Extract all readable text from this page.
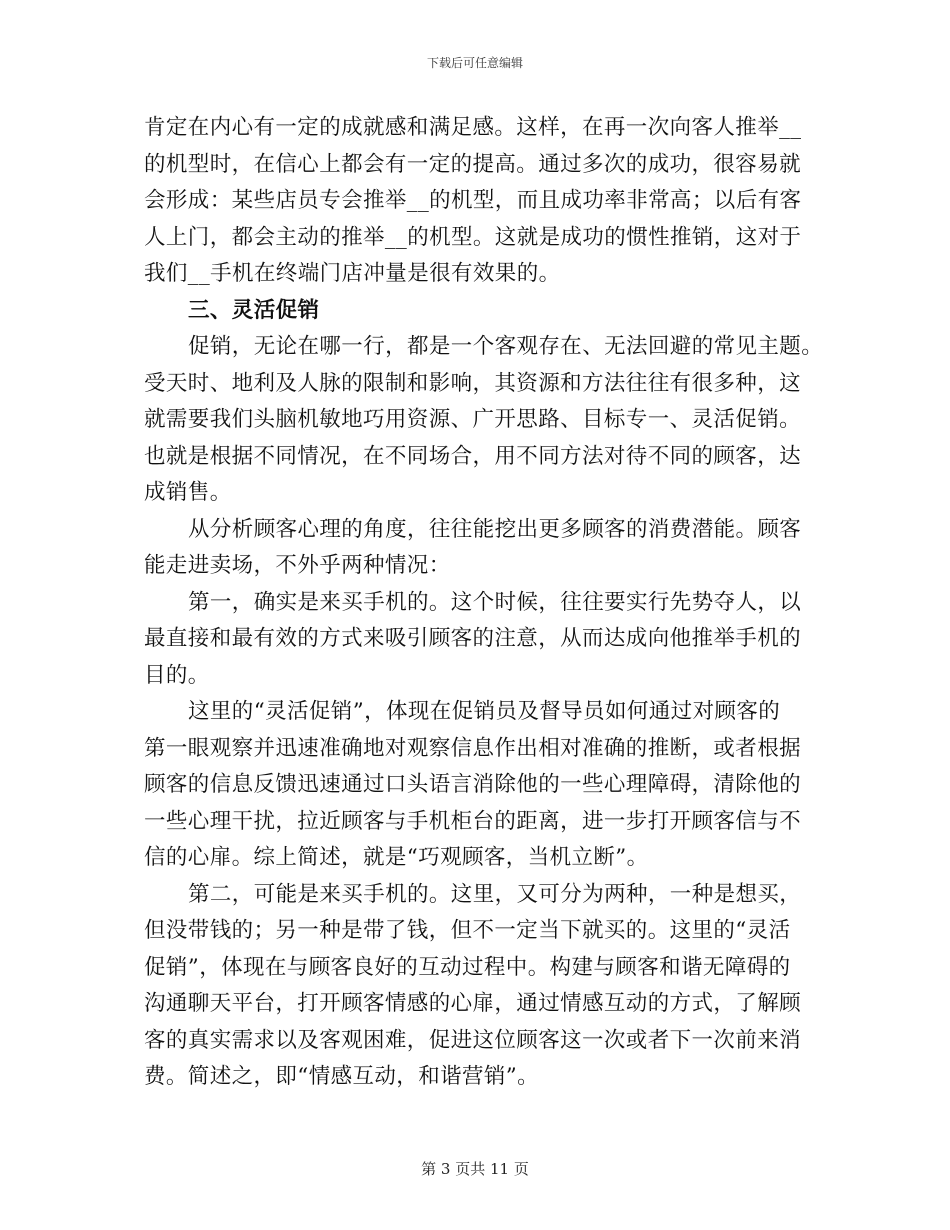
下载后可任意编辑
肯定在内心有一定的成就感和满足感。这样，在再一次向客人推举__
的机型时，在信心上都会有一定的提高。通过多次的成功，很容易就
会形成：某些店员专会推举__的机型，而且成功率非常高；以后有客
人上门，都会主动的推举__的机型。这就是成功的惯性推销，这对于
我们__手机在终端门店冲量是很有效果的。
三、灵活促销
促销，无论在哪一行，都是一个客观存在、无法回避的常见主题。
受天时、地利及人脉的限制和影响，其资源和方法往往有很多种，这
就需要我们头脑机敏地巧用资源、广开思路、目标专一、灵活促销。
也就是根据不同情况，在不同场合，用不同方法对待不同的顾客，达
成销售。
从分析顾客心理的角度，往往能挖出更多顾客的消费潜能。顾客
能走进卖场，不外乎两种情况：
第一，确实是来买手机的。这个时候，往往要实行先势夺人，以
最直接和最有效的方式来吸引顾客的注意，从而达成向他推举手机的
目的。
这里的“灵活促销”，体现在促销员及督导员如何通过对顾客的
第一眼观察并迅速准确地对观察信息作出相对准确的推断，或者根据
顾客的信息反馈迅速通过口头语言消除他的一些心理障碍，清除他的
一些心理干扰，拉近顾客与手机柜台的距离，进一步打开顾客信与不
信的心扉。综上简述，就是“巧观顾客，当机立断”。
第二，可能是来买手机的。这里，又可分为两种，一种是想买，
但没带钱的；另一种是带了钱，但不一定当下就买的。这里的“灵活
促销”，体现在与顾客良好的互动过程中。构建与顾客和谐无障碍的
沟通聊天平台，打开顾客情感的心扉，通过情感互动的方式，了解顾
客的真实需求以及客观困难，促进这位顾客这一次或者下一次前来消
费。简述之，即“情感互动，和谐营销”。
第 3 页共 11 页
